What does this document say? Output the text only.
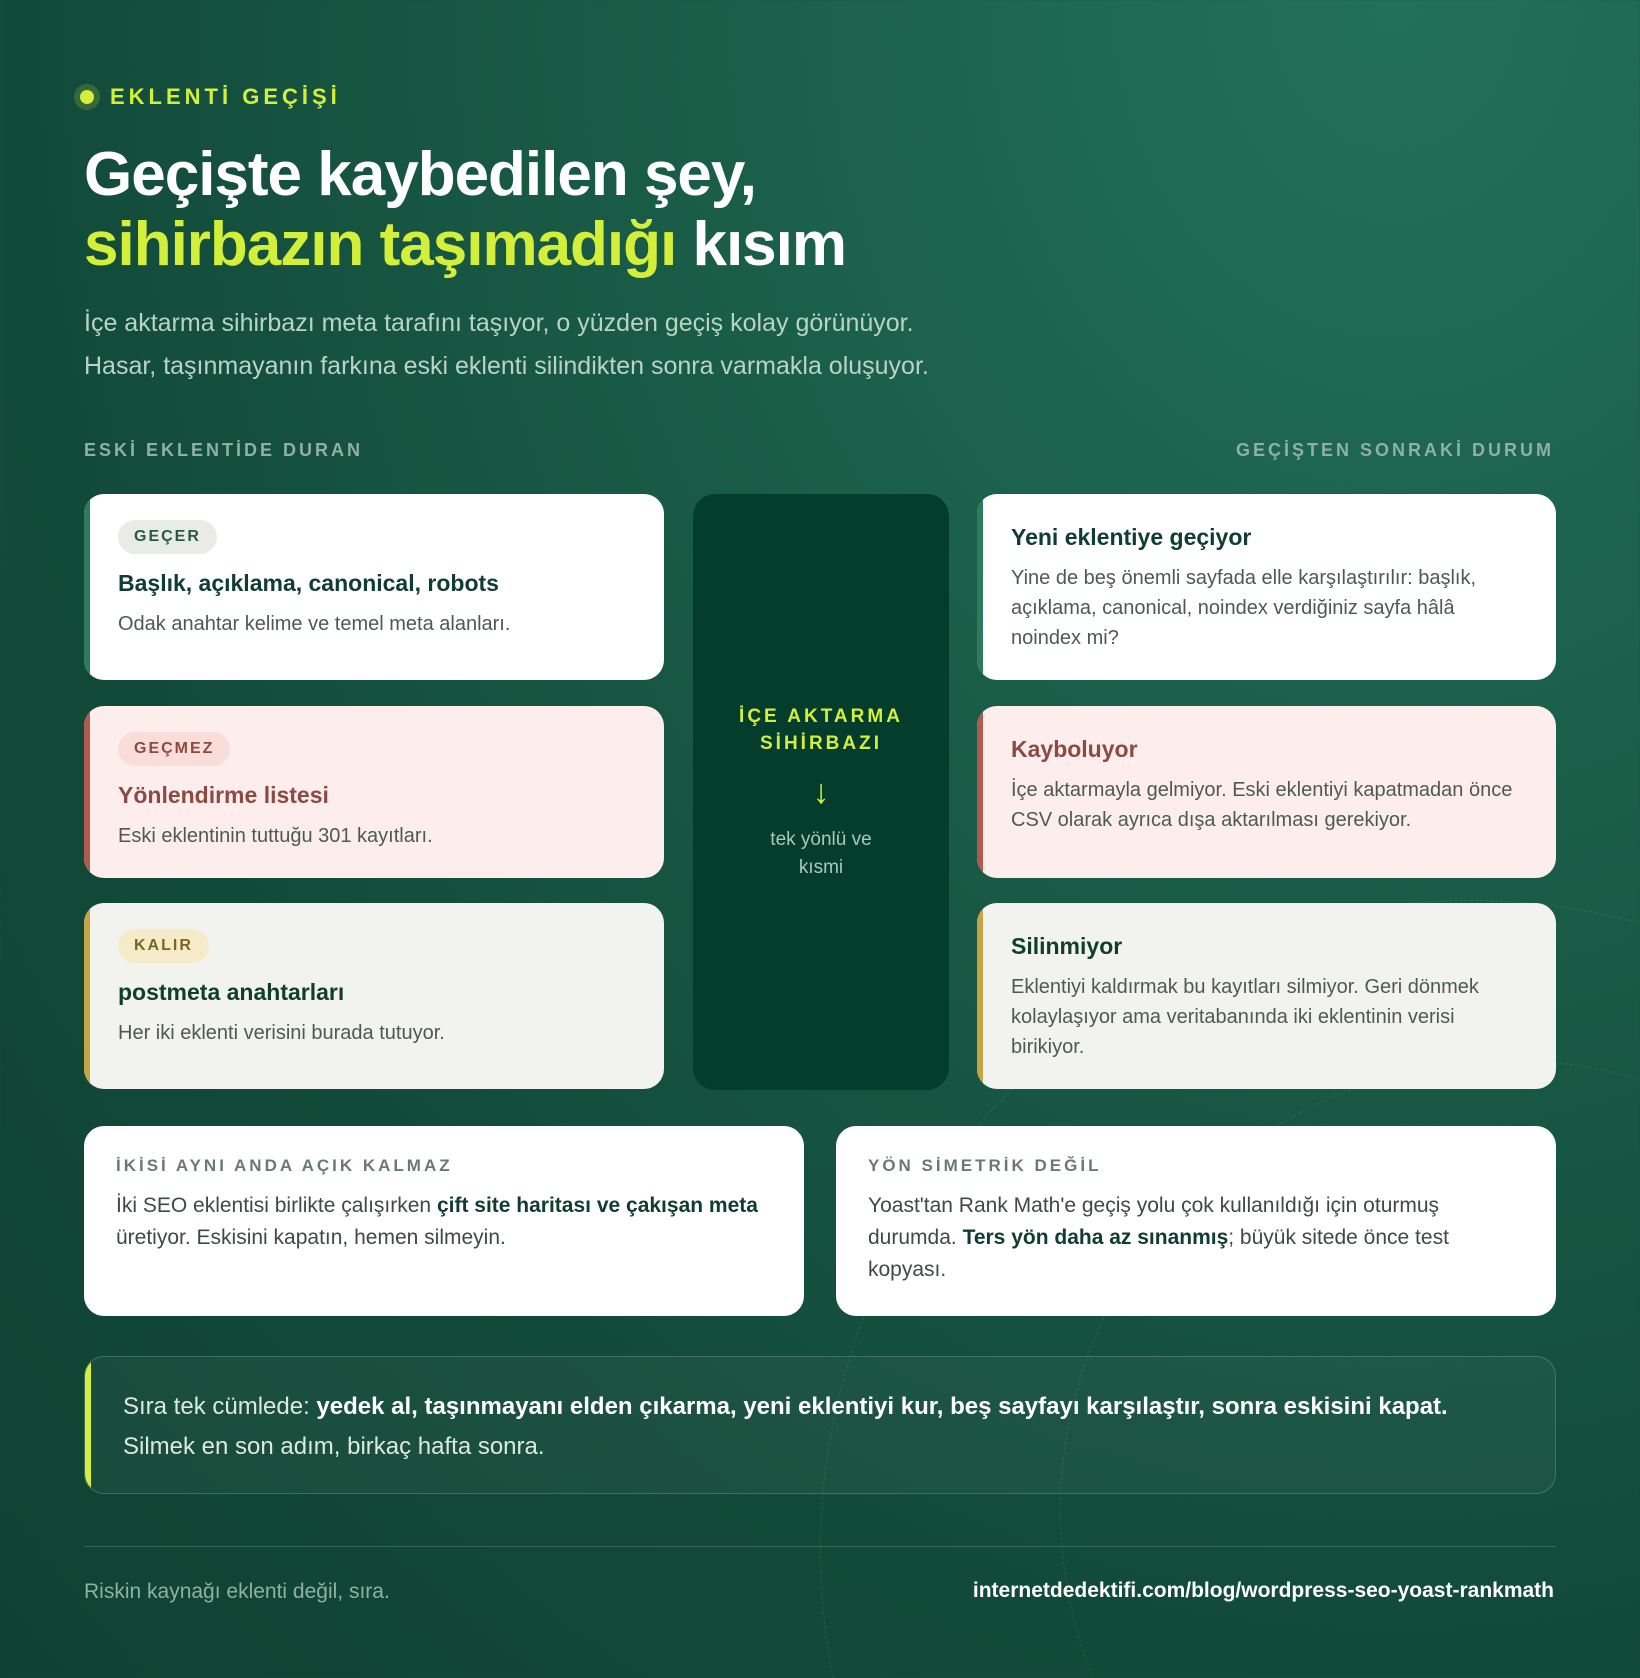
EKLENTİ GEÇİŞİ
Geçişte kaybedilen şey,
sihirbazın taşımadığı kısım
İçe aktarma sihirbazı meta tarafını taşıyor, o yüzden geçiş kolay görünüyor.
Hasar, taşınmayanın farkına eski eklenti silindikten sonra varmakla oluşuyor.
ESKİ EKLENTİDE DURAN	GEÇİŞTEN SONRAKİ DURUM
GEÇER
Başlık, açıklama, canonical, robots
Odak anahtar kelime ve temel meta alanları.
GEÇMEZ
Yönlendirme listesi
Eski eklentinin tuttuğu 301 kayıtları.
KALIR
postmeta anahtarları
Her iki eklenti verisini burada tutuyor.
İÇE AKTARMA SİHİRBAZI
↓
tek yönlü ve kısmi
Yeni eklentiye geçiyor
Yine de beş önemli sayfada elle karşılaştırılır: başlık, açıklama, canonical, noindex verdiğiniz sayfa hâlâ noindex mi?
Kayboluyor
İçe aktarmayla gelmiyor. Eski eklentiyi kapatmadan önce CSV olarak ayrıca dışa aktarılması gerekiyor.
Silinmiyor
Eklentiyi kaldırmak bu kayıtları silmiyor. Geri dönmek kolaylaşıyor ama veritabanında iki eklentinin verisi birikiyor.
İKİSİ AYNI ANDA AÇIK KALMAZ
İki SEO eklentisi birlikte çalışırken çift site haritası ve çakışan meta üretiyor. Eskisini kapatın, hemen silmeyin.
YÖN SİMETRİK DEĞİL
Yoast'tan Rank Math'e geçiş yolu çok kullanıldığı için oturmuş durumda. Ters yön daha az sınanmış; büyük sitede önce test kopyası.
Sıra tek cümlede: yedek al, taşınmayanı elden çıkarma, yeni eklentiyi kur, beş sayfayı karşılaştır, sonra eskisini kapat.
Silmek en son adım, birkaç hafta sonra.
Riskin kaynağı eklenti değil, sıra.	internetdedektifi.com/blog/wordpress-seo-yoast-rankmath
